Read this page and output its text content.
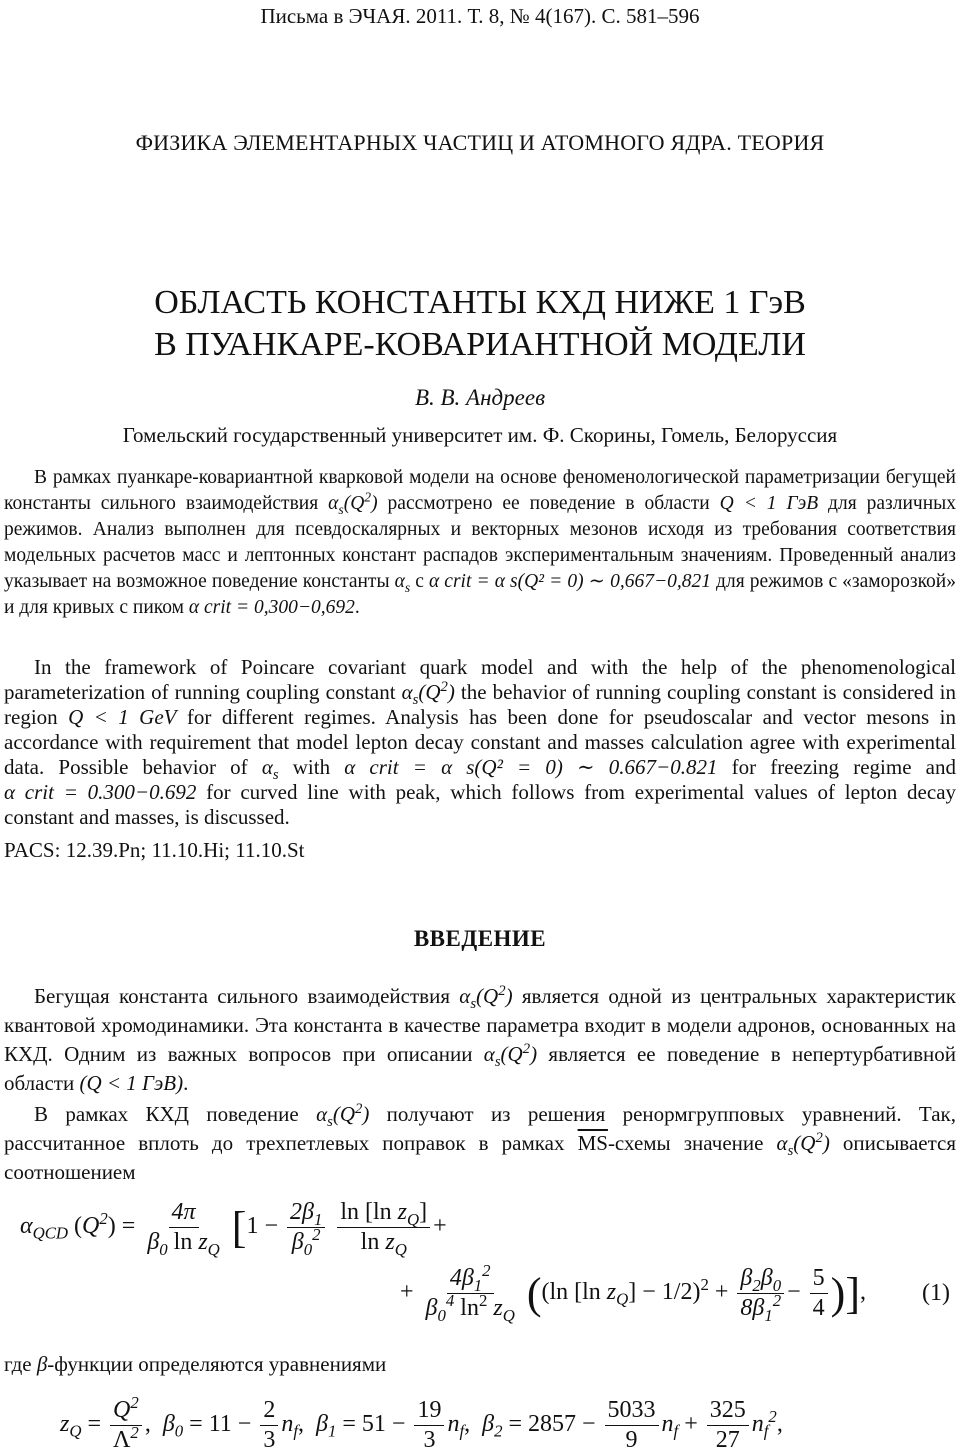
Письма в ЭЧАЯ. 2011. Т. 8, № 4(167). С. 581–596
ФИЗИКА ЭЛЕМЕНТАРНЫХ ЧАСТИЦ И АТОМНОГО ЯДРА. ТЕОРИЯ
ОБЛАСТЬ КОНСТАНТЫ КХД НИЖЕ 1 ГэВ
В ПУАНКАРЕ-КОВАРИАНТНОЙ МОДЕЛИ
В. В. Андреев
Гомельский государственный университет им. Ф. Скорины, Гомель, Белоруссия
В рамках пуанкаре-ковариантной кварковой модели на основе феноменологической параметризации бегущей константы сильного взаимодействия $\alpha_s(Q^2)$ рассмотрено ее поведение в области Q < 1 ГэВ для различных режимов. Анализ выполнен для псевдоскалярных и векторных мезонов исходя из требования соответствия модельных расчетов масс и лептонных констант распадов экспериментальным значениям. Проведенный анализ указывает на возможное поведение константы $\alpha_s$ с α crit = α s(Q² = 0) ∼ 0,667−0,821 для режимов с «заморозкой» и для кривых с пиком α crit = 0,300−0,692.
In the framework of Poincare covariant quark model and with the help of the phenomenological parameterization of running coupling constant $\alpha_s(Q^2)$ the behavior of running coupling constant is considered in region Q < 1 GeV for different regimes. Analysis has been done for pseudoscalar and vector mesons in accordance with requirement that model lepton decay constant and masses calculation agree with experimental data. Possible behavior of $\alpha_s$ with α crit = α s(Q² = 0) ∼ 0.667−0.821 for freezing regime and α crit = 0.300−0.692 for curved line with peak, which follows from experimental values of lepton decay constant and masses, is discussed.
PACS: 12.39.Pn; 11.10.Hi; 11.10.St
ВВЕДЕНИЕ
Бегущая константа сильного взаимодействия $\alpha_s(Q^2)$ является одной из центральных характеристик квантовой хромодинамики. Эта константа в качестве параметра входит в модели адронов, основанных на КХД. Одним из важных вопросов при описании $\alpha_s(Q^2)$ является ее поведение в непертурбативной области (Q < 1 ГэВ).
В рамках КХД поведение $\alpha_s(Q^2)$ получают из решения ренормгрупповых уравнений. Так, рассчитанное вплоть до трехпетлевых поправок в рамках $\overline{MS}$-схемы значение $\alpha_s(Q^2)$ описывается соотношением
$\alpha_{QCD}$ $(Q^2) = \frac{4\pi}{\beta_0 \ln z_Q} [1 - \frac{2\beta_1}{\beta_0^2}$
$\frac{\ln [\ln z_Q]}{\ln z_Q}$ +
+ $\frac{4\beta_1^2}{\beta_0^4 \ln^2 z_Q} ((\ln$ [ln $z_Q] - 1/2)^2 + \frac{\beta_2\beta_0}{8\beta_1^2} - \frac{5}{4}$ )], (1)
где β-функции определяются уравнениями
$z_Q = \frac{Q^2}{\Lambda^2}$ ,  $\beta_0 = 11 - \frac{2}{3} n_f$,  $\beta_1 = 51 - \frac{19}{3} n_f$,  $\beta_2 = 2857 - \frac{5033}{9} n_f + \frac{325}{27} n_f^2$,
